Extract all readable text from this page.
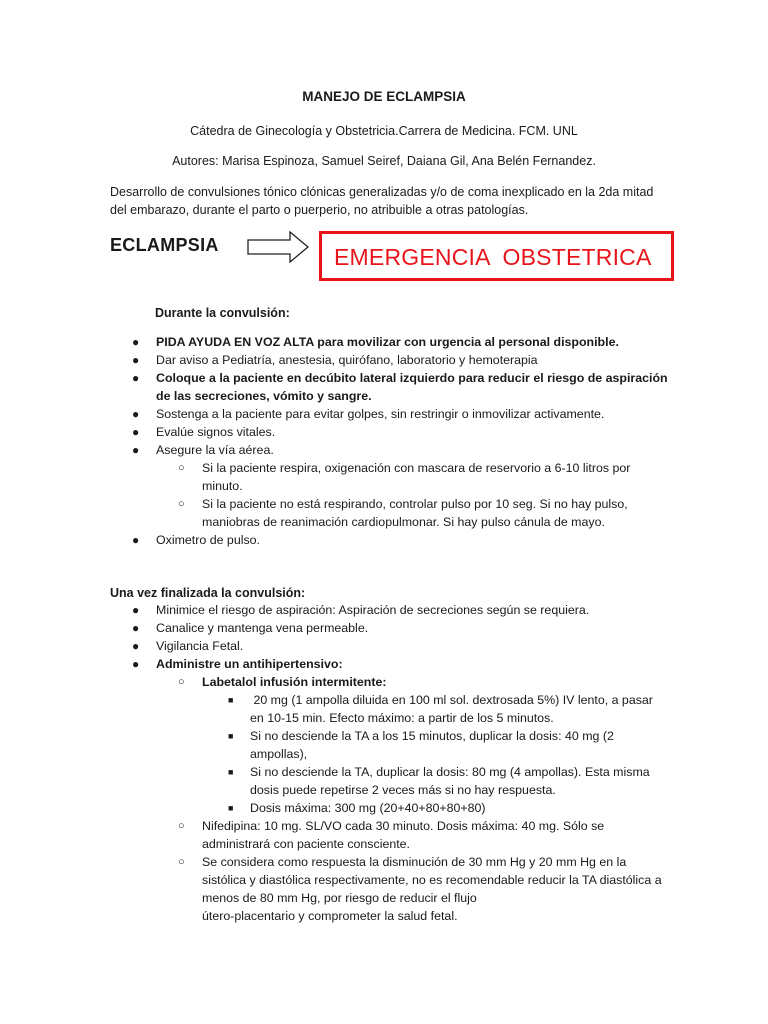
MANEJO DE ECLAMPSIA
Cátedra de Ginecología y Obstetricia.Carrera de Medicina. FCM. UNL
Autores: Marisa Espinoza, Samuel Seiref, Daiana Gil, Ana Belén Fernandez.
Desarrollo de convulsiones tónico clónicas generalizadas y/o de coma inexplicado en la 2da mitad del embarazo, durante el parto o puerperio, no atribuible a otras patologías.
ECLAMPSIA	EMERGENCIA  OBSTETRICA
Durante la convulsión:
● PIDA AYUDA EN VOZ ALTA para movilizar con urgencia al personal disponible.
● Dar aviso a Pediatría, anestesia, quirófano, laboratorio y hemoterapia
● Coloque a la paciente en decúbito lateral izquierdo para reducir el riesgo de aspiración de las secreciones, vómito y sangre.
● Sostenga a la paciente para evitar golpes, sin restringir o inmovilizar activamente.
● Evalúe signos vitales.
● Asegure la vía aérea.
○ Si la paciente respira, oxigenación con mascara de reservorio a 6-10 litros por minuto.
○ Si la paciente no está respirando, controlar pulso por 10 seg. Si no hay pulso, maniobras de reanimación cardiopulmonar. Si hay pulso cánula de mayo.
● Oximetro de pulso.
Una vez finalizada la convulsión:
● Minimice el riesgo de aspiración: Aspiración de secreciones según se requiera.
● Canalice y mantenga vena permeable.
● Vigilancia Fetal.
● Administre un antihipertensivo:
○ Labetalol infusión intermitente:
■ 20 mg (1 ampolla diluida en 100 ml sol. dextrosada 5%) IV lento, a pasar en 10-15 min. Efecto máximo: a partir de los 5 minutos.
■ Si no desciende la TA a los 15 minutos, duplicar la dosis: 40 mg (2 ampollas),
■ Si no desciende la TA, duplicar la dosis: 80 mg (4 ampollas). Esta misma dosis puede repetirse 2 veces más si no hay respuesta.
■ Dosis máxima: 300 mg (20+40+80+80+80)
○ Nifedipina: 10 mg. SL/VO cada 30 minuto. Dosis máxima: 40 mg. Sólo se administrará con paciente consciente.
○ Se considera como respuesta la disminución de 30 mm Hg y 20 mm Hg en la sistólica y diastólica respectivamente, no es recomendable reducir la TA diastólica a menos de 80 mm Hg, por riesgo de reducir el flujo
útero-placentario y comprometer la salud fetal.
